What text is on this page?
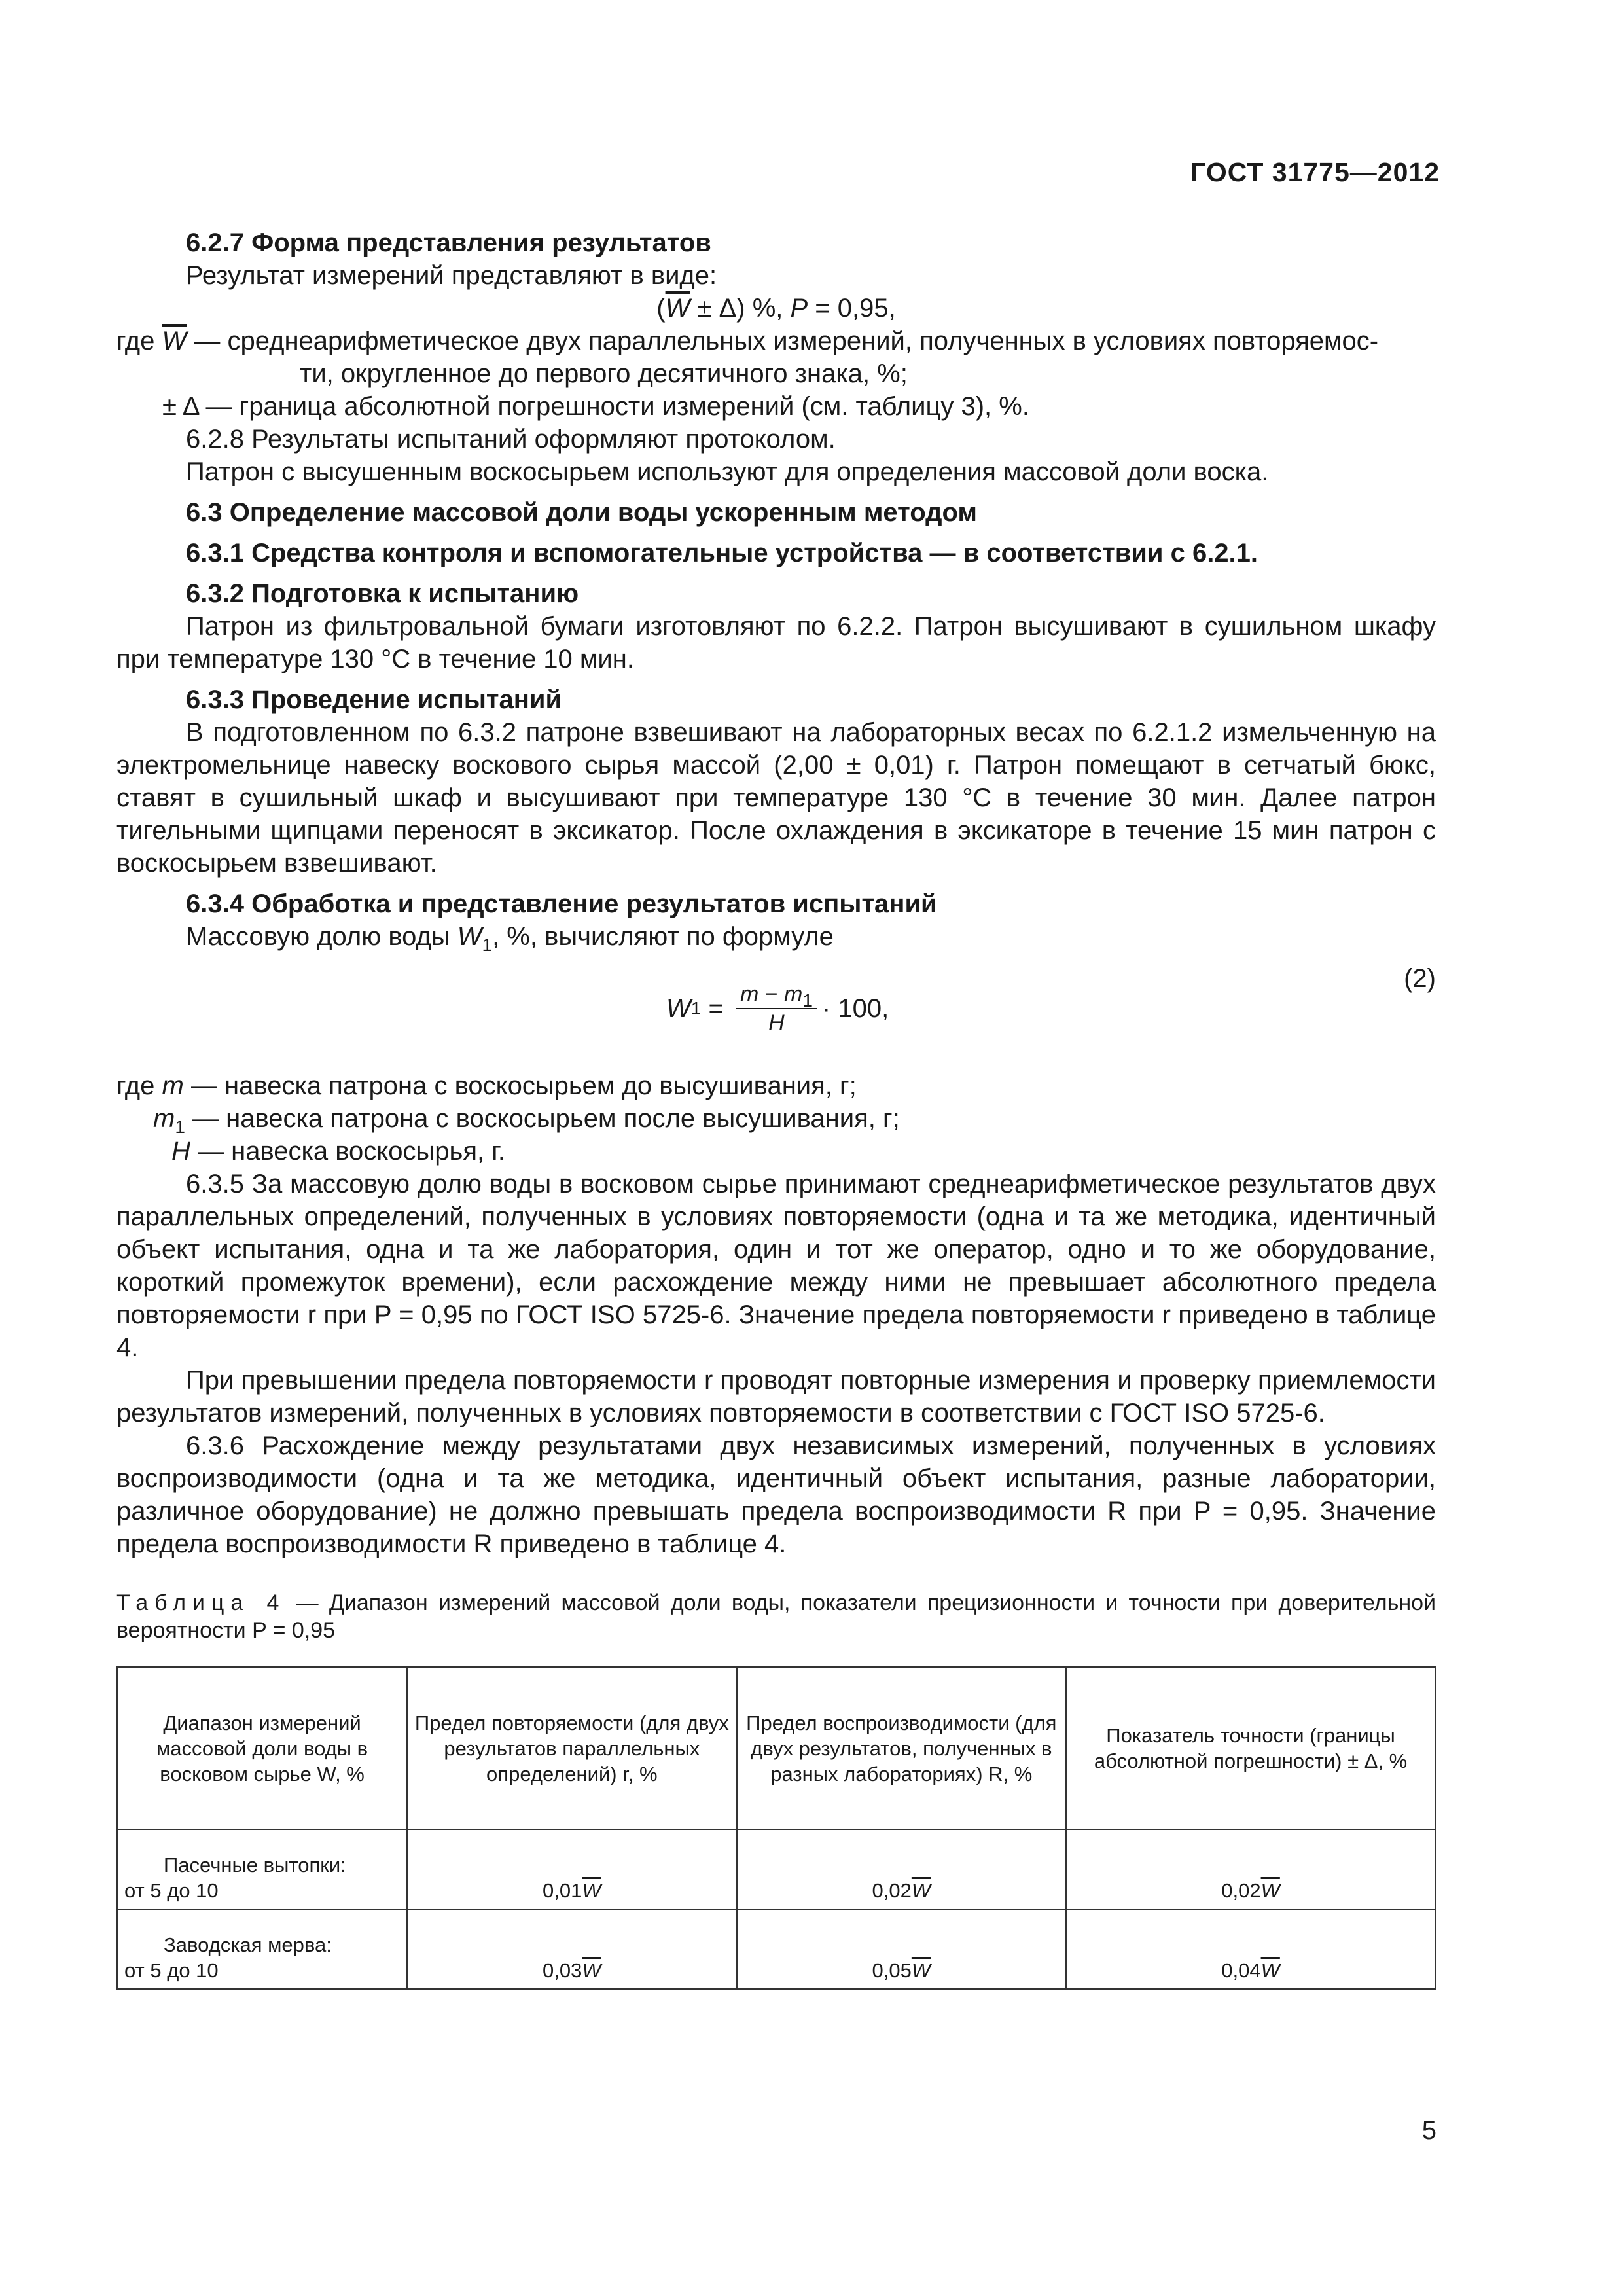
ГОСТ 31775—2012

6.2.7 Форма представления результатов

Результат измерений представляют в виде:

$(\overline{W} \pm \Delta)$ %, P = 0,95,

где $\overline{W}$ — среднеарифметическое двух параллельных измерений, полученных в условиях повторяемос-

ти, округленное до первого десятичного знака, %;

± Δ — граница абсолютной погрешности измерений (см. таблицу 3), %.

6.2.8 Результаты испытаний оформляют протоколом.

Патрон с высушенным воскосырьем используют для определения массовой доли воска.

6.3 Определение массовой доли воды ускоренным методом

6.3.1 Средства контроля и вспомогательные устройства — в соответствии с 6.2.1.

6.3.2 Подготовка к испытанию

Патрон из фильтровальной бумаги изготовляют по 6.2.2. Патрон высушивают в сушильном шкафу при температуре 130 °С в течение 10 мин.

6.3.3 Проведение испытаний

В подготовленном по 6.3.2 патроне взвешивают на лабораторных весах по 6.2.1.2 измельченную на электромельнице навеску воскового сырья массой (2,00 ± 0,01) г. Патрон помещают в сетчатый бюкс, ставят в сушильный шкаф и высушивают при температуре 130 °С в течение 30 мин. Далее патрон тигельными щипцами переносят в эксикатор. После охлаждения в эксикаторе в течение 15 мин патрон с воскосырьем взвешивают.

6.3.4 Обработка и представление результатов испытаний

Массовую долю воды $W_1$, %, вычисляют по формуле

W $1 = \frac{m - m_1}{H} \cdot 100$,
(2)

где m — навеска патрона с воскосырьем до высушивания, г;

$m_1$ — навеска патрона с воскосырьем после высушивания, г;

H — навеска воскосырья, г.

6.3.5 За массовую долю воды в восковом сырье принимают среднеарифметическое результатов двух параллельных определений, полученных в условиях повторяемости (одна и та же методика, идентичный объект испытания, одна и та же лаборатория, один и тот же оператор, одно и то же оборудование, короткий промежуток времени), если расхождение между ними не превышает абсолютного предела повторяемости r при P = 0,95 по ГОСТ ISO 5725-6. Значение предела повторяемости r приведено в таблице 4.

При превышении предела повторяемости r проводят повторные измерения и проверку приемлемости результатов измерений, полученных в условиях повторяемости в соответствии с ГОСТ ISO 5725-6.

6.3.6 Расхождение между результатами двух независимых измерений, полученных в условиях воспроизводимости (одна и та же методика, идентичный объект испытания, разные лаборатории, различное оборудование) не должно превышать предела воспроизводимости R при P = 0,95. Значение предела воспроизводимости R приведено в таблице 4.

Таблица 4 — Диапазон измерений массовой доли воды, показатели прецизионности и точности при доверительной вероятности P = 0,95

Диапазон измерений массовой доли воды в восковом сырье W, %	Предел повторяемости (для двух результатов параллельных определений) r, %	Предел воспроизводимости (для двух результатов, полученных в разных лабораториях) R, %	Показатель точности (границы абсолютной погрешности) ± Δ, %

Пасечные вытопки:
от 5 до 10	$0,01\overline{W}$	$0,02\overline{W}$	$0,02\overline{W}$

Заводская мерва:
от 5 до 10	$0,03\overline{W}$	$0,05\overline{W}$	$0,04\overline{W}$
5
